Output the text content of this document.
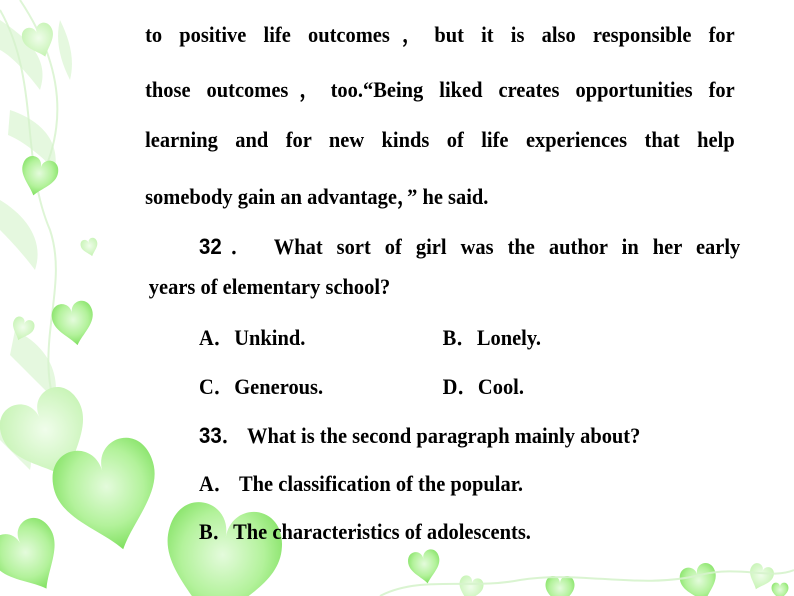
to positive life outcomes，but it is also responsible for
those outcomes，too.“Being liked creates opportunities for
learning and for new kinds of life experiences that help
somebody gain an advantage，” he said.
32． What sort of girl was the author in her early
years of elementary school?
A．Unkind.	B．Lonely.
C．Generous.	D．Cool.
33． What is the second paragraph mainly about?
A． The classification of the popular.
B．The characteristics of adolescents.
